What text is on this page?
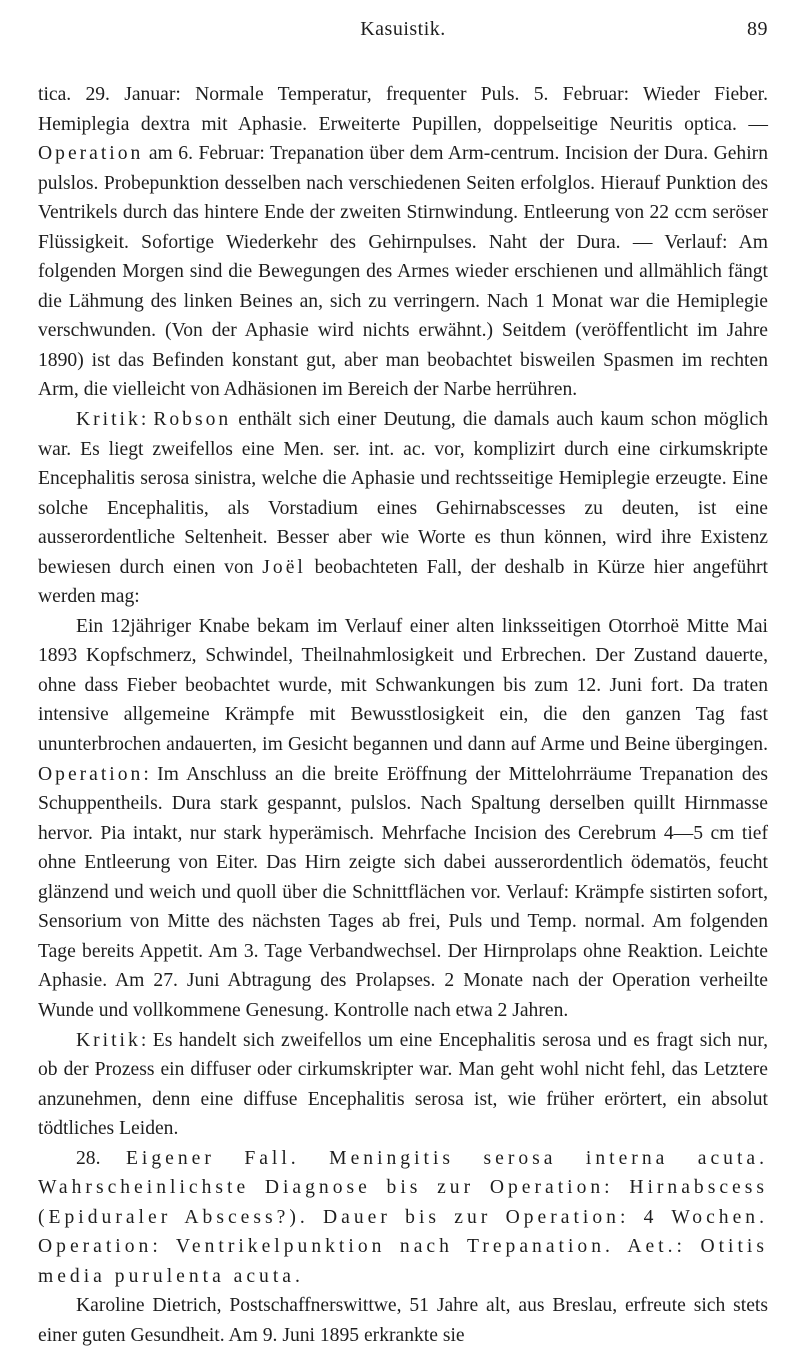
Kasuistik.	89

tica. 29. Januar: Normale Temperatur, frequenter Puls. 5. Februar: Wieder Fieber. Hemiplegia dextra mit Aphasie. Erweiterte Pupillen, doppelseitige Neuritis optica. — Operation am 6. Februar: Trepanation über dem Arm-centrum. Incision der Dura. Gehirn pulslos. Probepunktion desselben nach verschiedenen Seiten erfolglos. Hierauf Punktion des Ventrikels durch das hintere Ende der zweiten Stirnwindung. Entleerung von 22 ccm seröser Flüssigkeit. Sofortige Wiederkehr des Gehirnpulses. Naht der Dura. — Verlauf: Am folgenden Morgen sind die Bewegungen des Armes wieder erschienen und allmählich fängt die Lähmung des linken Beines an, sich zu verringern. Nach 1 Monat war die Hemiplegie verschwunden. (Von der Aphasie wird nichts erwähnt.) Seitdem (veröffentlicht im Jahre 1890) ist das Befinden konstant gut, aber man beobachtet bisweilen Spasmen im rechten Arm, die vielleicht von Adhäsionen im Bereich der Narbe herrühren.

Kritik: Robson enthält sich einer Deutung, die damals auch kaum schon möglich war. Es liegt zweifellos eine Men. ser. int. ac. vor, komplizirt durch eine cirkumskripte Encephalitis serosa sinistra, welche die Aphasie und rechtsseitige Hemiplegie erzeugte. Eine solche Encephalitis, als Vorstadium eines Gehirnabscesses zu deuten, ist eine ausserordentliche Seltenheit. Besser aber wie Worte es thun können, wird ihre Existenz bewiesen durch einen von Joël beobachteten Fall, der deshalb in Kürze hier angeführt werden mag:

Ein 12jähriger Knabe bekam im Verlauf einer alten linksseitigen Otorrhoë Mitte Mai 1893 Kopfschmerz, Schwindel, Theilnahmlosigkeit und Erbrechen. Der Zustand dauerte, ohne dass Fieber beobachtet wurde, mit Schwankungen bis zum 12. Juni fort. Da traten intensive allgemeine Krämpfe mit Bewusstlosigkeit ein, die den ganzen Tag fast ununterbrochen andauerten, im Gesicht begannen und dann auf Arme und Beine übergingen. Operation: Im Anschluss an die breite Eröffnung der Mittelohrräume Trepanation des Schuppentheils. Dura stark gespannt, pulslos. Nach Spaltung derselben quillt Hirnmasse hervor. Pia intakt, nur stark hyperämisch. Mehrfache Incision des Cerebrum 4—5 cm tief ohne Entleerung von Eiter. Das Hirn zeigte sich dabei ausserordentlich ödematös, feucht glänzend und weich und quoll über die Schnittflächen vor. Verlauf: Krämpfe sistirten sofort, Sensorium von Mitte des nächsten Tages ab frei, Puls und Temp. normal. Am folgenden Tage bereits Appetit. Am 3. Tage Verbandwechsel. Der Hirnprolaps ohne Reaktion. Leichte Aphasie. Am 27. Juni Abtragung des Prolapses. 2 Monate nach der Operation verheilte Wunde und vollkommene Genesung. Kontrolle nach etwa 2 Jahren.

Kritik: Es handelt sich zweifellos um eine Encephalitis serosa und es fragt sich nur, ob der Prozess ein diffuser oder cirkumskripter war. Man geht wohl nicht fehl, das Letztere anzunehmen, denn eine diffuse Encephalitis serosa ist, wie früher erörtert, ein absolut tödtliches Leiden.

28. Eigener Fall. Meningitis serosa interna acuta. Wahrscheinlichste Diagnose bis zur Operation: Hirnabscess (Epiduraler Abscess?). Dauer bis zur Operation: 4 Wochen. Operation: Ventrikelpunktion nach Trepanation. Aet.: Otitis media purulenta acuta.

Karoline Dietrich, Postschaffnerswittwe, 51 Jahre alt, aus Breslau, erfreute sich stets einer guten Gesundheit. Am 9. Juni 1895 erkrankte sie
